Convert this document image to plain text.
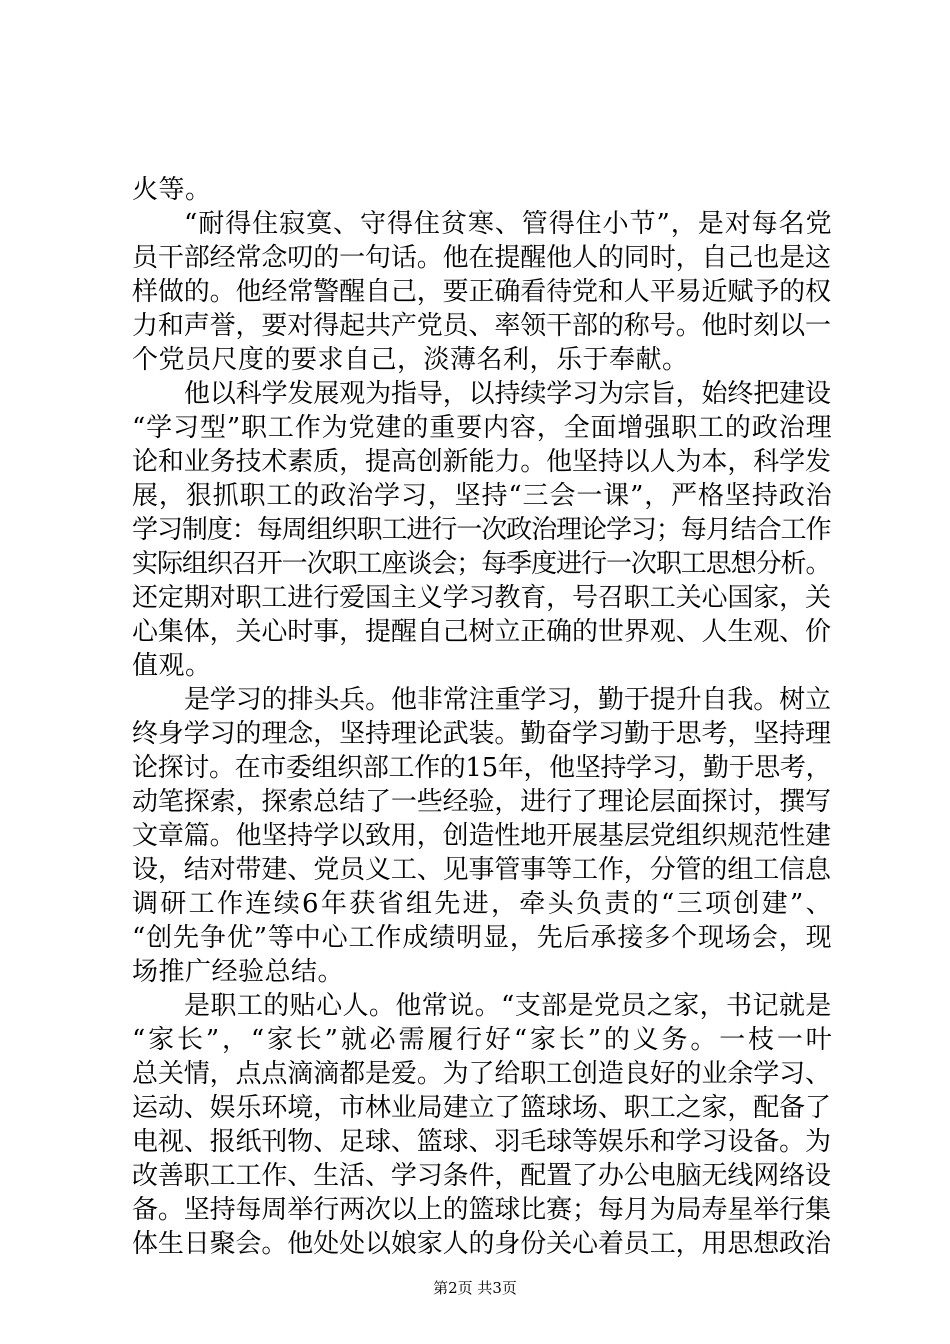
火等。
“耐得住寂寞、守得住贫寒、管得住小节”，是对每名党
员干部经常念叨的一句话。他在提醒他人的同时，自己也是这
样做的。他经常警醒自己，要正确看待党和人平易近赋予的权
力和声誉，要对得起共产党员、率领干部的称号。他时刻以一
个党员尺度的要求自己，淡薄名利，乐于奉献。
他以科学发展观为指导，以持续学习为宗旨，始终把建设
“学习型”职工作为党建的重要内容，全面增强职工的政治理
论和业务技术素质，提高创新能力。他坚持以人为本，科学发
展，狠抓职工的政治学习，坚持“三会一课”，严格坚持政治
学习制度：每周组织职工进行一次政治理论学习；每月结合工作
实际组织召开一次职工座谈会；每季度进行一次职工思想分析。
还定期对职工进行爱国主义学习教育，号召职工关心国家，关
心集体，关心时事，提醒自己树立正确的世界观、人生观、价
值观。
是学习的排头兵。他非常注重学习，勤于提升自我。树立
终身学习的理念，坚持理论武装。勤奋学习勤于思考，坚持理
论探讨。在市委组织部工作的15年，他坚持学习，勤于思考，
动笔探索，探索总结了一些经验，进行了理论层面探讨，撰写
文章篇。他坚持学以致用，创造性地开展基层党组织规范性建
设，结对带建、党员义工、见事管事等工作，分管的组工信息
调研工作连续6年获省组先进，牵头负责的“三项创建”、
“创先争优”等中心工作成绩明显，先后承接多个现场会，现
场推广经验总结。
是职工的贴心人。他常说。“支部是党员之家，书记就是
“家长”，“家长”就必需履行好“家长”的义务。一枝一叶
总关情，点点滴滴都是爱。为了给职工创造良好的业余学习、
运动、娱乐环境，市林业局建立了篮球场、职工之家，配备了
电视、报纸刊物、足球、篮球、羽毛球等娱乐和学习设备。为
改善职工工作、生活、学习条件，配置了办公电脑无线网络设
备。坚持每周举行两次以上的篮球比赛；每月为局寿星举行集
体生日聚会。他处处以娘家人的身份关心着员工，用思想政治
第2页 共3页
